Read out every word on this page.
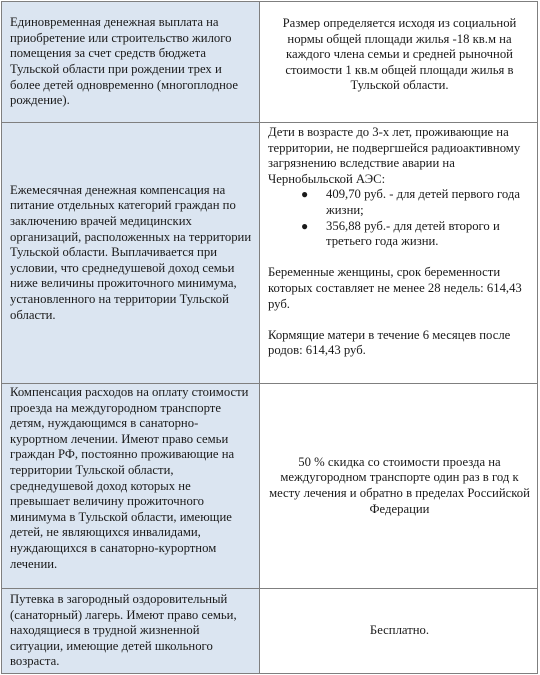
Единовременная денежная выплата на приобретение или строительство жилого помещения за счет средств бюджета Тульской области при рождении трех и более детей одновременно (многоплодное рождение).
Размер определяется исходя из социальной нормы общей площади жилья -18 кв.м на каждого члена семьи и средней рыночной стоимости 1 кв.м общей площади жилья в Тульской области.
Ежемесячная денежная компенсация на питание отдельных категорий граждан по заключению врачей медицинских организаций, расположенных на территории Тульской области. Выплачивается при условии, что среднедушевой доход семьи ниже величины прожиточного минимума, установленного на территории Тульской области.
Дети в возрасте до 3-х лет, проживающие на территории, не подвергшейся радиоактивному загрязнению вследствие аварии на Чернобыльской АЭС:
● 409,70 руб. - для детей первого года жизни;
● 356,88 руб.- для детей второго и третьего года жизни.
Беременные женщины, срок беременности которых составляет не менее 28 недель: 614,43 руб.
Кормящие матери в течение 6 месяцев после родов: 614,43 руб.
Компенсация расходов на оплату стоимости проезда на междугородном транспорте детям, нуждающимся в санаторно-курортном лечении. Имеют право семьи граждан РФ, постоянно проживающие на территории Тульской области, среднедушевой доход которых не превышает величину прожиточного минимума в Тульской области, имеющие детей, не являющихся инвалидами, нуждающихся в санаторно-курортном лечении.
50 % скидка со стоимости проезда на междугородном транспорте один раз в год к месту лечения и обратно в пределах Российской Федерации
Путевка в загородный оздоровительный (санаторный) лагерь. Имеют право семьи, находящиеся в трудной жизненной ситуации, имеющие детей школьного возраста.
Бесплатно.
